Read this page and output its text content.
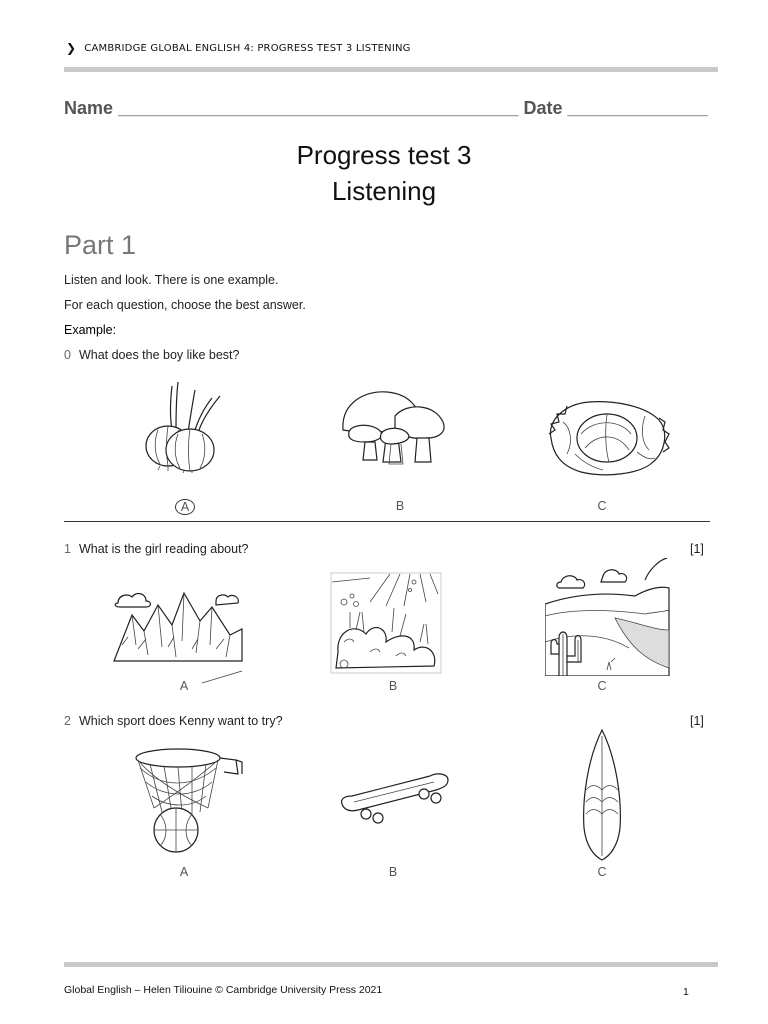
❯ CAMBRIDGE GLOBAL ENGLISH 4: PROGRESS TEST 3 LISTENING
Name ________________________________________ Date ______________
Progress test 3
Listening
Part 1
Listen and look. There is one example.
For each question, choose the best answer.
Example:
0 What does the boy like best?
A	B	C
1 What is the girl reading about?	[1]
A	B	C
2 Which sport does Kenny want to try?	[1]
A	B	C
Global English – Helen Tiliouine © Cambridge University Press 2021	1
